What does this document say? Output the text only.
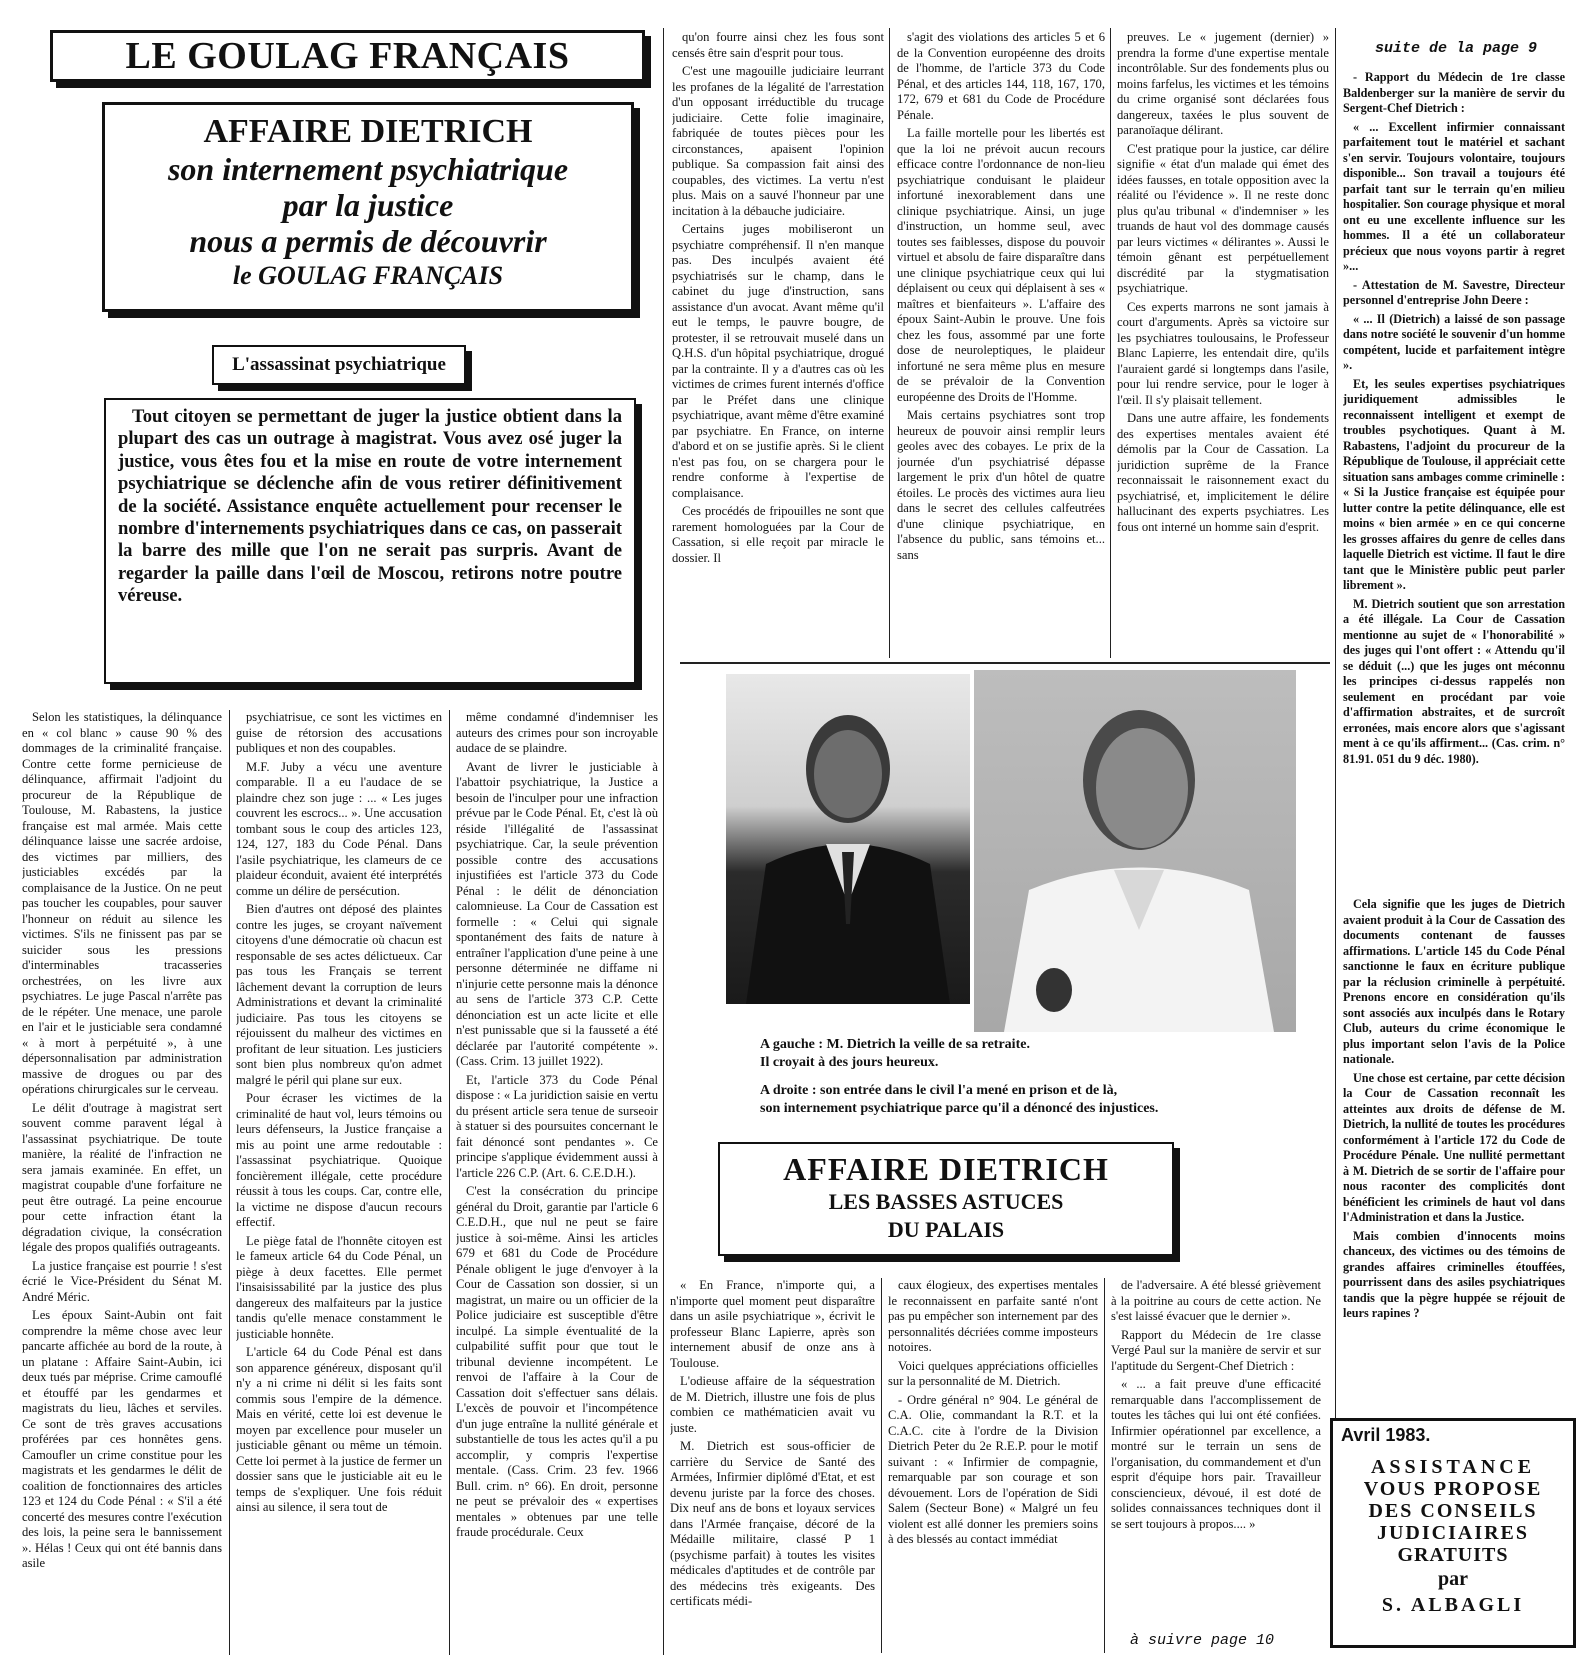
LE GOULAG FRANÇAIS
AFFAIRE DIETRICH
son internement psychiatrique
par la justice
nous a permis de découvrir
le GOULAG FRANÇAIS
L'assassinat psychiatrique
Tout citoyen se permettant de juger la justice obtient dans la plupart des cas un outrage à magistrat. Vous avez osé juger la justice, vous êtes fou et la mise en route de votre internement psychiatrique se déclenche afin de vous retirer définitivement de la société. Assistance enquête actuellement pour recenser le nombre d'internements psychiatriques dans ce cas, on passerait la barre des mille que l'on ne serait pas surpris. Avant de regarder la paille dans l'œil de Moscou, retirons notre poutre véreuse.

Selon les statistiques, la délinquance en « col blanc » cause 90 % des dommages de la criminalité française. Contre cette forme pernicieuse de délinquance, affirmait l'adjoint du procureur de la République de Toulouse, M. Rabastens, la justice française est mal armée. Mais cette délinquance laisse une sacrée ardoise, des victimes par milliers, des justiciables excédés par la complaisance de la Justice. On ne peut pas toucher les coupables, pour sauver l'honneur on réduit au silence les victimes. S'ils ne finissent pas par se suicider sous les pressions d'interminables tracasseries orchestrées, on les livre aux psychiatres. Le juge Pascal n'arrête pas de le répéter. Une menace, une parole en l'air et le justiciable sera condamné « à mort à perpétuité », à une dépersonnalisation par administration massive de drogues ou par des opérations chirurgicales sur le cerveau.

Le délit d'outrage à magistrat sert souvent comme paravent légal à l'assassinat psychiatrique. De toute manière, la réalité de l'infraction ne sera jamais examinée. En effet, un magistrat coupable d'une forfaiture ne peut être outragé. La peine encourue pour cette infraction étant la dégradation civique, la consécration légale des propos qualifiés outrageants.

La justice française est pourrie ! s'est écrié le Vice-Président du Sénat M. André Méric.

Les époux Saint-Aubin ont fait comprendre la même chose avec leur pancarte affichée au bord de la route, à un platane : Affaire Saint-Aubin, ici deux tués par méprise. Crime camouflé et étouffé par les gendarmes et magistrats du lieu, lâches et serviles. Ce sont de très graves accusations proférées par ces honnêtes gens. Camoufler un crime constitue pour les magistrats et les gendarmes le délit de coalition de fonctionnaires des articles 123 et 124 du Code Pénal : « S'il a été concerté des mesures contre l'exécution des lois, la peine sera le bannissement ». Hélas ! Ceux qui ont été bannis dans asile

psychiatrisue, ce sont les victimes en guise de rétorsion des accusations publiques et non des coupables.

M.F. Juby a vécu une aventure comparable. Il a eu l'audace de se plaindre chez son juge : ... « Les juges couvrent les escrocs... ». Une accusation tombant sous le coup des articles 123, 124, 127, 183 du Code Pénal. Dans l'asile psychiatrique, les clameurs de ce plaideur éconduit, avaient été interprétés comme un délire de persécution.

Bien d'autres ont déposé des plaintes contre les juges, se croyant naïvement citoyens d'une démocratie où chacun est responsable de ses actes délictueux. Car pas tous les Français se terrent lâchement devant la corruption de leurs Administrations et devant la criminalité judiciaire. Pas tous les citoyens se réjouissent du malheur des victimes en profitant de leur situation. Les justiciers sont bien plus nombreux qu'on admet malgré le péril qui plane sur eux.

Pour écraser les victimes de la criminalité de haut vol, leurs témoins ou leurs défenseurs, la Justice française a mis au point une arme redoutable : l'assassinat psychiatrique. Quoique foncièrement illégale, cette procédure réussit à tous les coups. Car, contre elle, la victime ne dispose d'aucun recours effectif.

Le piège fatal de l'honnête citoyen est le fameux article 64 du Code Pénal, un piège à deux facettes. Elle permet l'insaisissabilité par la justice des plus dangereux des malfaiteurs par la justice tandis qu'elle menace constamment le justiciable honnête.

L'article 64 du Code Pénal est dans son apparence généreux, disposant qu'il n'y a ni crime ni délit si les faits sont commis sous l'empire de la démence. Mais en vérité, cette loi est devenue le moyen par excellence pour museler un justiciable gênant ou même un témoin. Cette loi permet à la justice de fermer un dossier sans que le justiciable ait eu le temps de s'expliquer. Une fois réduit ainsi au silence, il sera tout de

même condamné d'indemniser les auteurs des crimes pour son incroyable audace de se plaindre.

Avant de livrer le justiciable à l'abattoir psychiatrique, la Justice a besoin de l'inculper pour une infraction prévue par le Code Pénal. Et, c'est là où réside l'illégalité de l'assassinat psychiatrique. Car, la seule prévention possible contre des accusations injustifiées est l'article 373 du Code Pénal : le délit de dénonciation calomnieuse. La Cour de Cassation est formelle : « Celui qui signale spontanément des faits de nature à entraîner l'application d'une peine à une personne déterminée ne diffame ni n'injurie cette personne mais la dénonce au sens de l'article 373 C.P. Cette dénonciation est un acte licite et elle n'est punissable que si la fausseté a été déclarée par l'autorité compétente ». (Cass. Crim. 13 juillet 1922).

Et, l'article 373 du Code Pénal dispose : « La juridiction saisie en vertu du présent article sera tenue de surseoir à statuer si des poursuites concernant le fait dénoncé sont pendantes ». Ce principe s'applique évidemment aussi à l'article 226 C.P. (Art. 6. C.E.D.H.).

C'est la consécration du principe général du Droit, garantie par l'article 6 C.E.D.H., que nul ne peut se faire justice à soi-même. Ainsi les articles 679 et 681 du Code de Procédure Pénale obligent le juge d'envoyer à la Cour de Cassation son dossier, si un magistrat, un maire ou un officier de la Police judiciaire est susceptible d'être inculpé. La simple éventualité de la culpabilité suffit pour que tout le tribunal devienne incompétent. Le renvoi de l'affaire à la Cour de Cassation doit s'effectuer sans délais. L'excès de pouvoir et l'incompétence d'un juge entraîne la nullité générale et substantielle de tous les actes qu'il a pu accomplir, y compris l'expertise mentale. (Cass. Crim. 23 fev. 1966 Bull. crim. n° 66). En droit, personne ne peut se prévaloir des « expertises mentales » obtenues par une telle fraude procédurale. Ceux

qu'on fourre ainsi chez les fous sont censés être sain d'esprit pour tous.

C'est une magouille judiciaire leurrant les profanes de la légalité de l'arrestation d'un opposant irréductible du trucage judiciaire. Cette folie imaginaire, fabriquée de toutes pièces pour les circonstances, apaisent l'opinion publique. Sa compassion fait ainsi des coupables, des victimes. La vertu n'est plus. Mais on a sauvé l'honneur par une incitation à la débauche judiciaire.

Certains juges mobiliseront un psychiatre compréhensif. Il n'en manque pas. Des inculpés avaient été psychiatrisés sur le champ, dans le cabinet du juge d'instruction, sans assistance d'un avocat. Avant même qu'il eut le temps, le pauvre bougre, de protester, il se retrouvait muselé dans un Q.H.S. d'un hôpital psychiatrique, drogué par la contrainte. Il y a d'autres cas où les victimes de crimes furent internés d'office par le Préfet dans une clinique psychiatrique, avant même d'être examiné par psychiatre. En France, on interne d'abord et on se justifie après. Si le client n'est pas fou, on se chargera pour le rendre conforme à l'expertise de complaisance.

Ces procédés de fripouilles ne sont que rarement homologuées par la Cour de Cassation, si elle reçoit par miracle le dossier. Il

s'agit des violations des articles 5 et 6 de la Convention européenne des droits de l'homme, de l'article 373 du Code Pénal, et des articles 144, 118, 167, 170, 172, 679 et 681 du Code de Procédure Pénale.

La faille mortelle pour les libertés est que la loi ne prévoit aucun recours efficace contre l'ordonnance de non-lieu psychiatrique conduisant le plaideur infortuné inexorablement dans une clinique psychiatrique. Ainsi, un juge d'instruction, un homme seul, avec toutes ses faiblesses, dispose du pouvoir virtuel et absolu de faire disparaître dans une clinique psychiatrique ceux qui lui déplaisent ou ceux qui déplaisent à ses « maîtres et bienfaiteurs ». L'affaire des époux Saint-Aubin le prouve. Une fois chez les fous, assommé par une forte dose de neuroleptiques, le plaideur infortuné ne sera même plus en mesure de se prévaloir de la Convention européenne des Droits de l'Homme.

Mais certains psychiatres sont trop heureux de pouvoir ainsi remplir leurs geoles avec des cobayes. Le prix de la journée d'un psychiatrisé dépasse largement le prix d'un hôtel de quatre étoiles. Le procès des victimes aura lieu dans le secret des cellules calfeutrées d'une clinique psychiatrique, en l'absence du public, sans témoins et... sans

preuves. Le « jugement (dernier) » prendra la forme d'une expertise mentale incontrôlable. Sur des fondements plus ou moins farfelus, les victimes et les témoins du crime organisé sont déclarées fous dangereux, taxées le plus souvent de paranoïaque délirant.

C'est pratique pour la justice, car délire signifie « état d'un malade qui émet des idées fausses, en totale opposition avec la réalité ou l'évidence ». Il ne reste donc plus qu'au tribunal « d'indemniser » les truands de haut vol des dommage causés par leurs victimes « délirantes ». Aussi le témoin gênant est perpétuellement discrédité par la stygmatisation psychiatrique.

Ces experts marrons ne sont jamais à court d'arguments. Après sa victoire sur les psychiatres toulousains, le Professeur Blanc Lapierre, les entendait dire, qu'ils l'auraient gardé si longtemps dans l'asile, pour lui rendre service, pour le loger à l'œil. Il s'y plaisait tellement.

Dans une autre affaire, les fondements des expertises mentales avaient été démolis par la Cour de Cassation. La juridiction suprême de la France reconnaissait le raisonnement exact du psychiatrisé, et, implicitement le délire hallucinant des experts psychiatres. Les fous ont interné un homme sain d'esprit.

suite de la page 9

- Rapport du Médecin de 1re classe Baldenberger sur la manière de servir du Sergent-Chef Dietrich :

« ... Excellent infirmier connaissant parfaitement tout le matériel et sachant s'en servir. Toujours volontaire, toujours disponible... Son travail a toujours été parfait tant sur le terrain qu'en milieu hospitalier. Son courage physique et moral ont eu une excellente influence sur les hommes. Il a été un collaborateur précieux que nous voyons partir à regret »...

- Attestation de M. Savestre, Directeur personnel d'entreprise John Deere :

« ... Il (Dietrich) a laissé de son passage dans notre société le souvenir d'un homme compétent, lucide et parfaitement intègre ».

Et, les seules expertises psychiatriques juridiquement admissibles le reconnaissent intelligent et exempt de troubles psychotiques. Quant à M. Rabastens, l'adjoint du procureur de la République de Toulouse, il appréciait cette situation sans ambages comme criminelle : « Si la Justice française est équipée pour lutter contre la petite délinquance, elle est moins « bien armée » en ce qui concerne les grosses affaires du genre de celles dans laquelle Dietrich est victime. Il faut le dire tant que le Ministère public peut parler librement ».

M. Dietrich soutient que son arrestation a été illégale. La Cour de Cassation mentionne au sujet de « l'honorabilité » des juges qui l'ont offert : « Attendu qu'il se déduit (...) que les juges ont méconnu les principes ci-dessus rappelés non seulement en procédant par voie d'affirmation abstraites, et de surcroît erronées, mais encore alors que s'agissant ment à ce qu'ils affirment... (Cas. crim. n° 81.91. 051 du 9 déc. 1980).

Cela signifie que les juges de Dietrich avaient produit à la Cour de Cassation des documents contenant de fausses affirmations. L'article 145 du Code Pénal sanctionne le faux en écriture publique par la réclusion criminelle à perpétuité. Prenons encore en considération qu'ils sont associés aux inculpés dans le Rotary Club, auteurs du crime économique le plus important selon l'avis de la Police nationale.

Une chose est certaine, par cette décision la Cour de Cassation reconnaît les atteintes aux droits de défense de M. Dietrich, la nullité de toutes les procédures conformément à l'article 172 du Code de Procédure Pénale. Une nullité permettant à M. Dietrich de se sortir de l'affaire pour nous raconter des complicités dont bénéficient les criminels de haut vol dans l'Administration et dans la Justice.

Mais combien d'innocents moins chanceux, des victimes ou des témoins de grandes affaires criminelles étouffées, pourrissent dans des asiles psychiatriques tandis que la pègre huppée se réjouit de leurs rapines ?

A gauche : M. Dietrich la veille de sa retraite.
Il croyait à des jours heureux.
A droite : son entrée dans le civil l'a mené en prison et de là,
son internement psychiatrique parce qu'il a dénoncé des injustices.
AFFAIRE DIETRICH
LES BASSES ASTUCES
DU PALAIS

« En France, n'importe qui, a n'importe quel moment peut disparaître dans un asile psychiatrique », écrivit le professeur Blanc Lapierre, après son internement abusif de onze ans à Toulouse.

L'odieuse affaire de la séquestration de M. Dietrich, illustre une fois de plus combien ce mathématicien avait vu juste.

M. Dietrich est sous-officier de carrière du Service de Santé des Armées, Infirmier diplômé d'Etat, et est devenu juriste par la force des choses. Dix neuf ans de bons et loyaux services dans l'Armée française, décoré de la Médaille militaire, classé P 1 (psychisme parfait) à toutes les visites médicales d'aptitudes et de contrôle par des médecins très exigeants. Des certificats médi-

caux élogieux, des expertises mentales le reconnaissent en parfaite santé n'ont pas pu empêcher son internement par des personnalités décriées comme imposteurs notoires.

Voici quelques appréciations officielles sur la personnalité de M. Dietrich.

- Ordre général n° 904. Le général de C.A. Olie, commandant la R.T. et la C.A.C. cite à l'ordre de la Division Dietrich Peter du 2e R.E.P. pour le motif suivant : « Infirmier de compagnie, remarquable par son courage et son dévouement. Lors de l'opération de Sidi Salem (Secteur Bone) « Malgré un feu violent est allé donner les premiers soins à des blessés au contact immédiat

de l'adversaire. A été blessé grièvement à la poitrine au cours de cette action. Ne s'est laissé évacuer que le dernier ».

Rapport du Médecin de 1re classe Vergé Paul sur la manière de servir et sur l'aptitude du Sergent-Chef Dietrich :

« ... a fait preuve d'une efficacité remarquable dans l'accomplissement de toutes les tâches qui lui ont été confiées. Infirmier opérationnel par excellence, a montré sur le terrain un sens de l'organisation, du commandement et d'un esprit d'équipe hors pair. Travailleur consciencieux, dévoué, il est doté de solides connaissances techniques dont il se sert toujours à propos.... »

à suivre page 10
Avril 1983.
ASSISTANCE
VOUS PROPOSE
DES CONSEILS
JUDICIAIRES
GRATUITS
par
S. ALBAGLI
